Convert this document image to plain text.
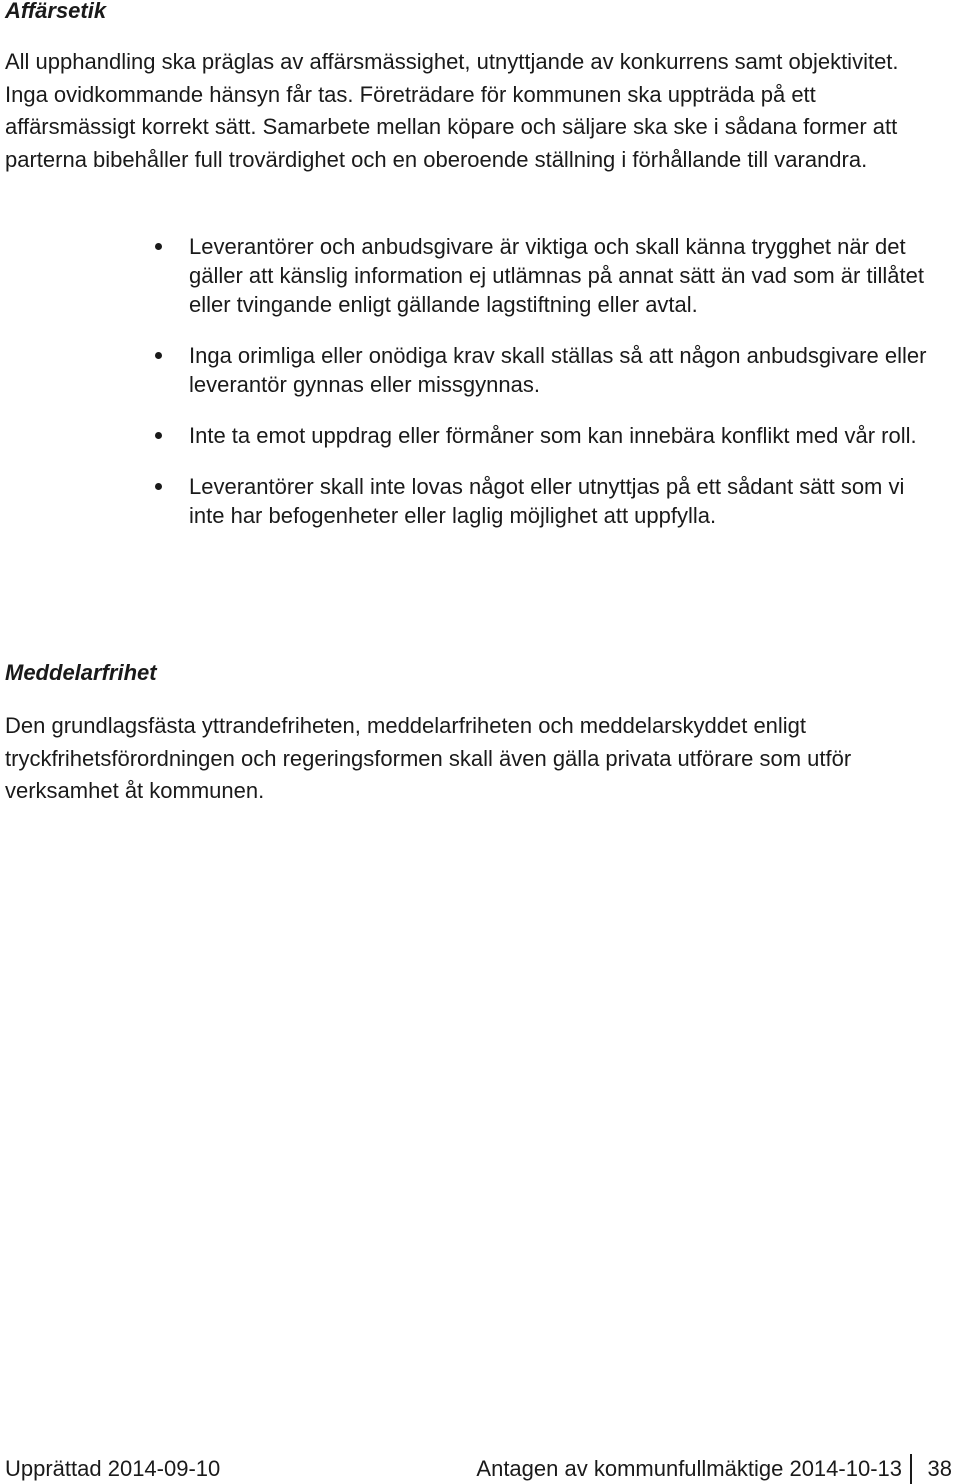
Affärsetik

All upphandling ska präglas av affärsmässighet, utnyttjande av konkurrens samt objektivitet. Inga ovidkommande hänsyn får tas. Företrädare för kommunen ska uppträda på ett affärsmässigt korrekt sätt. Samarbete mellan köpare och säljare ska ske i sådana former att parterna bibehåller full trovärdighet och en oberoende ställning i förhållande till varandra.

Leverantörer och anbudsgivare är viktiga och skall känna trygghet när det gäller att känslig information ej utlämnas på annat sätt än vad som är tillåtet eller tvingande enligt gällande lagstiftning eller avtal.
Inga orimliga eller onödiga krav skall ställas så att någon anbudsgivare eller leverantör gynnas eller missgynnas.
Inte ta emot uppdrag eller förmåner som kan innebära konflikt med vår roll.
Leverantörer skall inte lovas något eller utnyttjas på ett sådant sätt som vi inte har befogenheter eller laglig möjlighet att uppfylla.
Meddelarfrihet

Den grundlagsfästa yttrandefriheten, meddelarfriheten och meddelarskyddet enligt tryckfrihetsförordningen och regeringsformen skall även gälla privata utförare som utför verksamhet åt kommunen.

Upprättad 2014-09-10	Antagen av kommunfullmäktige 2014-10-13 38
